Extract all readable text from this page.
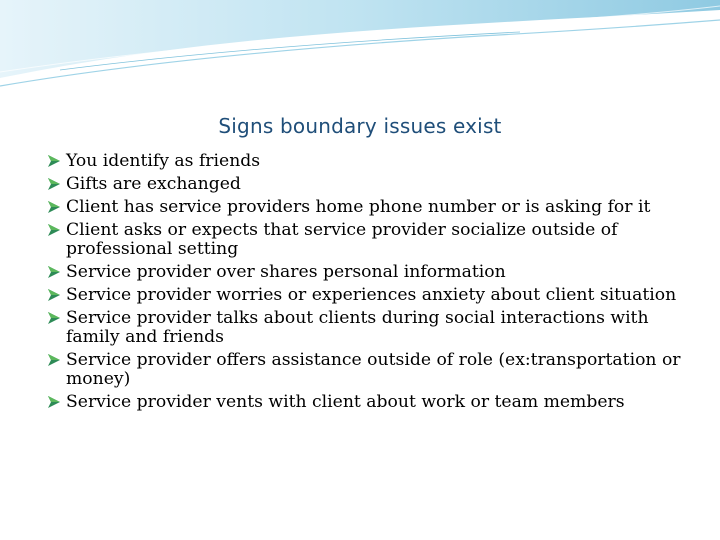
Signs boundary issues exist
You identify as friends
Gifts are exchanged
Client has service providers home phone number or is asking for it
Client asks or expects that service provider socialize outside of professional setting
Service provider over shares personal information
Service provider worries or experiences anxiety about client situation
Service provider talks about clients during social interactions with family and friends
Service provider offers assistance outside of role (ex:transportation or money)
Service provider vents with client about work or team members
